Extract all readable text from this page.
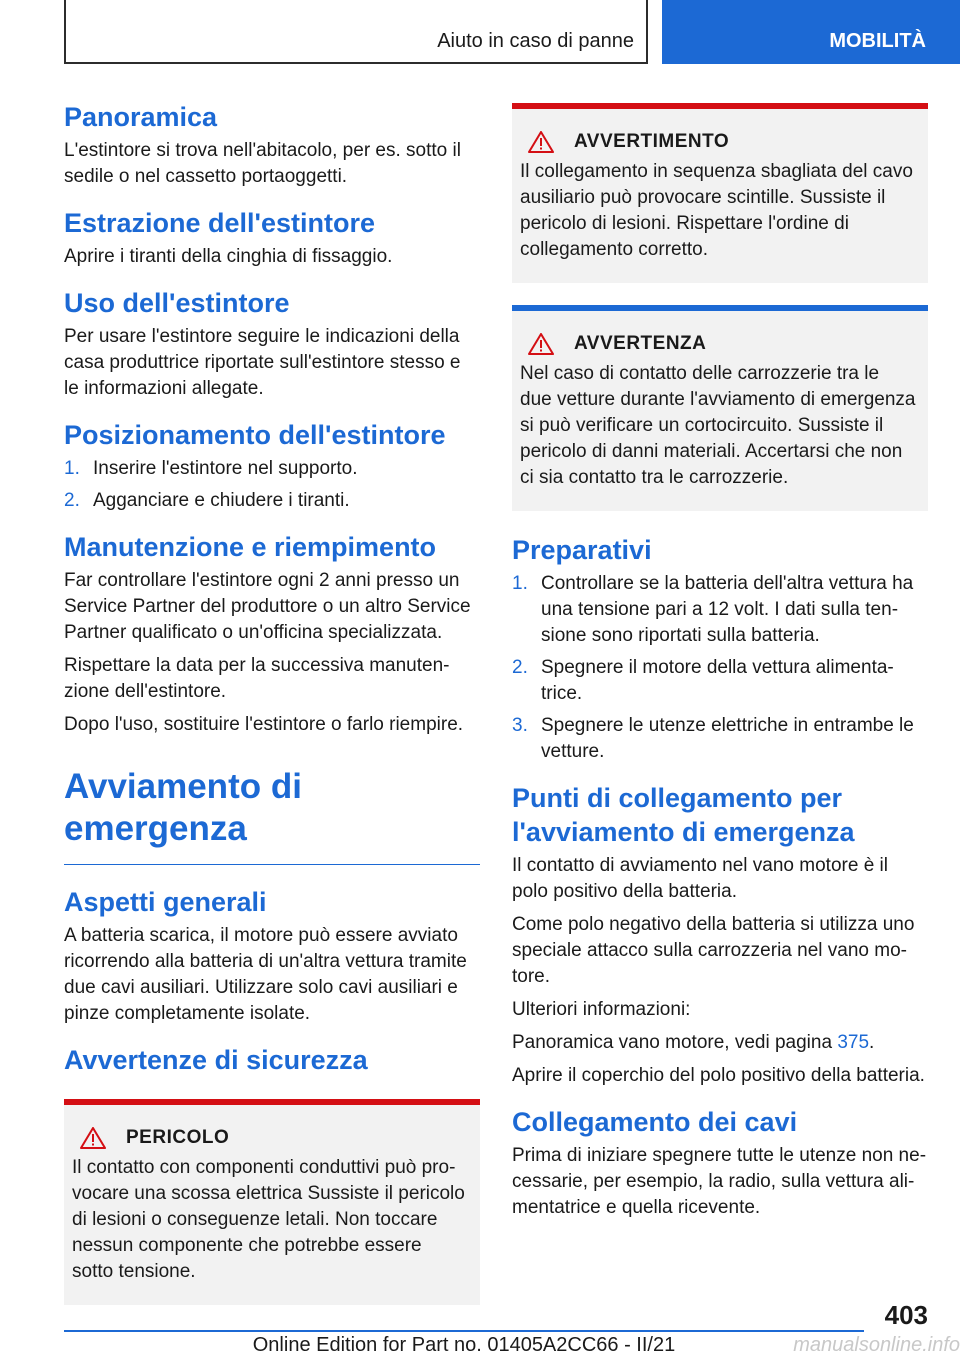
Aiuto in caso di panne	MOBILITÀ
Panoramica

L'estintore si trova nell'abitacolo, per es. sotto il sedile o nel cassetto portaoggetti.

Estrazione dell'estintore

Aprire i tiranti della cinghia di fissaggio.

Uso dell'estintore

Per usare l'estintore seguire le indicazioni della casa produttrice riportate sull'estintore stesso e le informazioni allegate.

Posizionamento dell'estintore
1. Inserire l'estintore nel supporto.
2. Agganciare e chiudere i tiranti.
Manutenzione e riempimento

Far controllare l'estintore ogni 2 anni presso un Service Partner del produttore o un altro Service Partner qualificato o un'officina specializzata.

Rispettare la data per la successiva manutenzione dell'estintore.

Dopo l'uso, sostituire l'estintore o farlo riempire.

Avviamento di emergenza
Aspetti generali

A batteria scarica, il motore può essere avviato ricorrendo alla batteria di un'altra vettura tramite due cavi ausiliari. Utilizzare solo cavi ausiliari e pinze completamente isolate.

Avvertenze di sicurezza
PERICOLO

Il contatto con componenti conduttivi può provocare una scossa elettrica Sussiste il pericolo di lesioni o conseguenze letali. Non toccare nessun componente che potrebbe essere sotto tensione.

AVVERTIMENTO

Il collegamento in sequenza sbagliata del cavo ausiliario può provocare scintille. Sussiste il pericolo di lesioni. Rispettare l'ordine di collegamento corretto.

AVVERTENZA

Nel caso di contatto delle carrozzerie tra le due vetture durante l'avviamento di emergenza si può verificare un cortocircuito. Sussiste il pericolo di danni materiali. Accertarsi che non ci sia contatto tra le carrozzerie.

Preparativi
1. Controllare se la batteria dell'altra vettura ha una tensione pari a 12 volt. I dati sulla tensione sono riportati sulla batteria.
2. Spegnere il motore della vettura alimentatrice.
3. Spegnere le utenze elettriche in entrambe le vetture.
Punti di collegamento per l'avviamento di emergenza

Il contatto di avviamento nel vano motore è il polo positivo della batteria.

Come polo negativo della batteria si utilizza uno speciale attacco sulla carrozzeria nel vano motore.

Ulteriori informazioni:

Panoramica vano motore, vedi pagina 375.

Aprire il coperchio del polo positivo della batteria.

Collegamento dei cavi

Prima di iniziare spegnere tutte le utenze non necessarie, per esempio, la radio, sulla vettura alimentatrice e quella ricevente.

403
Online Edition for Part no. 01405A2CC66 - II/21	manualsonline.info
